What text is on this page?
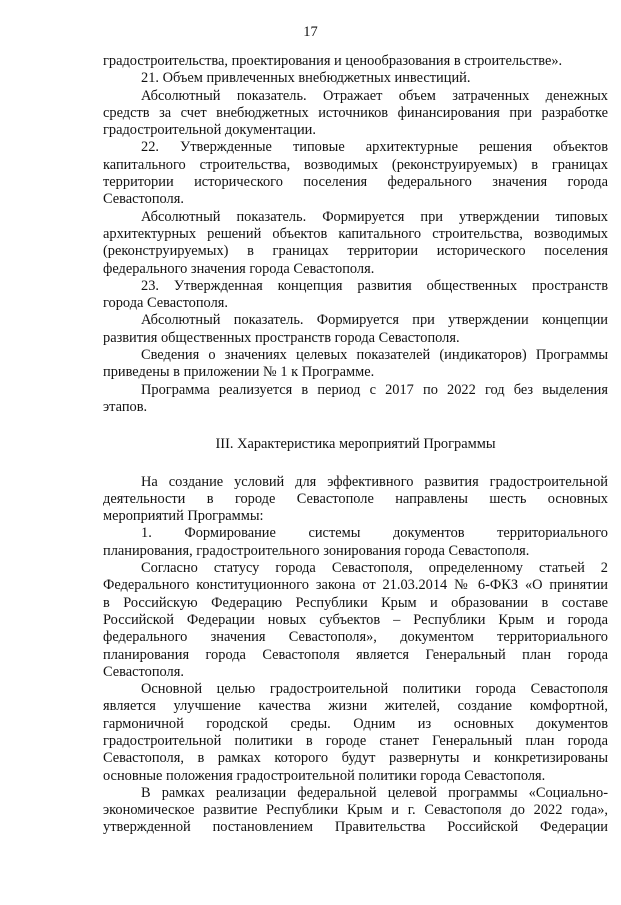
17
градостроительства, проектирования и ценообразования в строительстве».
21. Объем привлеченных внебюджетных инвестиций.
Абсолютный показатель. Отражает объем затраченных денежных
средств за счет внебюджетных источников финансирования при разработке
градостроительной документации.
22. Утвержденные типовые архитектурные решения объектов
капитального строительства, возводимых (реконструируемых) в границах
территории исторического поселения федерального значения города
Севастополя.
Абсолютный показатель. Формируется при утверждении типовых
архитектурных решений объектов капитального строительства, возводимых
(реконструируемых) в границах территории исторического поселения
федерального значения города Севастополя.
23. Утвержденная концепция развития общественных пространств
города Севастополя.
Абсолютный показатель. Формируется при утверждении концепции
развития общественных пространств города Севастополя.
Сведения о значениях целевых показателей (индикаторов) Программы
приведены в приложении № 1 к Программе.
Программа реализуется в период с 2017 по 2022 год без выделения
этапов.
III. Характеристика мероприятий Программы
На создание условий для эффективного развития градостроительной
деятельности в городе Севастополе направлены шесть основных
мероприятий Программы:
1. Формирование системы документов территориального
планирования, градостроительного зонирования города Севастополя.
Согласно статусу города Севастополя, определенному статьей 2
Федерального конституционного закона от 21.03.2014 № 6-ФКЗ «О принятии
в Российскую Федерацию Республики Крым и образовании в составе
Российской Федерации новых субъектов – Республики Крым и города
федерального значения Севастополя», документом территориального
планирования города Севастополя является Генеральный план города
Севастополя.
Основной целью градостроительной политики города Севастополя
является улучшение качества жизни жителей, создание комфортной,
гармоничной городской среды. Одним из основных документов
градостроительной политики в городе станет Генеральный план города
Севастополя, в рамках которого будут развернуты и конкретизированы
основные положения градостроительной политики города Севастополя.
В рамках реализации федеральной целевой программы «Социально-
экономическое развитие Республики Крым и г. Севастополя до 2022 года»,
утвержденной постановлением Правительства Российской Федерации
